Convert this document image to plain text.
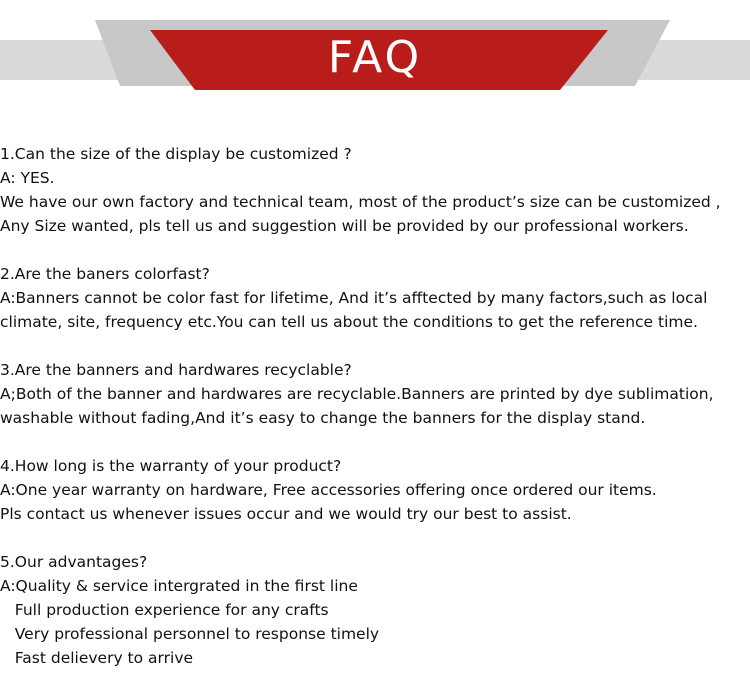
FAQ
1.Can the size of the display be customized ?
A: YES.
We have our own factory and technical team, most of the product’s size can be customized ,
Any Size wanted, pls tell us and suggestion will be provided by our professional workers.
2.Are the baners colorfast?
A:Banners cannot be color fast for lifetime, And it’s afftected by many factors,such as local
climate, site, frequency etc.You can tell us about the conditions to get the reference time.
3.Are the banners and hardwares recyclable?
A;Both of the banner and hardwares are recyclable.Banners are printed by dye sublimation,
washable without fading,And it’s easy to change the banners for the display stand.
4.How long is the warranty of your product?
A:One year warranty on hardware, Free accessories offering once ordered our items.
Pls contact us whenever issues occur and we would try our best to assist.
5.Our advantages?
A:Quality & service intergrated in the first line
Full production experience for any crafts
Very professional personnel to response timely
Fast delievery to arrive
